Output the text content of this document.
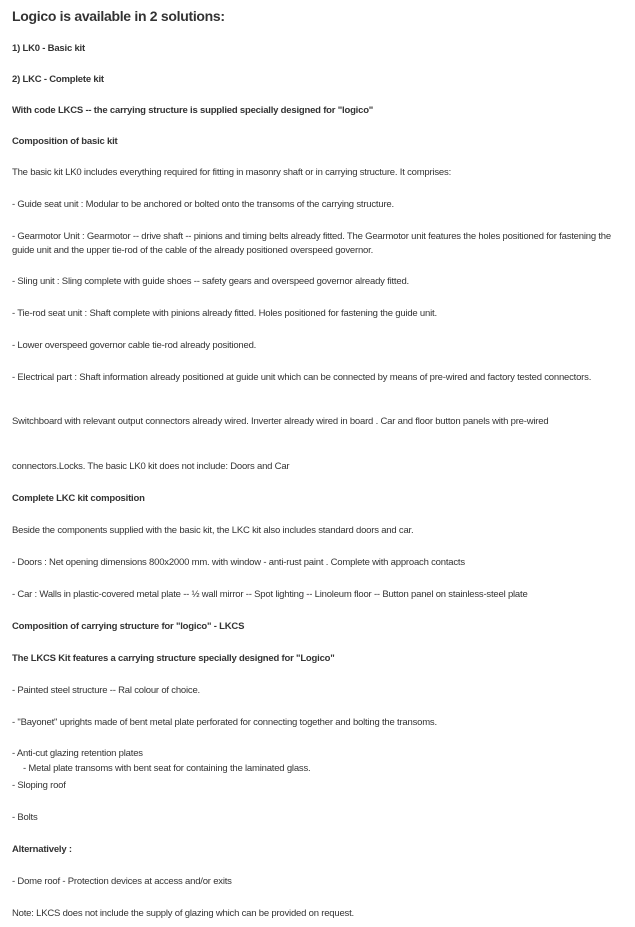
Logico is available in 2 solutions:
1) LK0 - Basic kit
2) LKC - Complete kit
With code LKCS -- the carrying structure is supplied specially designed for "logico"
Composition of basic kit
The basic kit LK0 includes everything required for fitting in masonry shaft or in carrying structure. It comprises:
- Guide seat unit : Modular to be anchored or bolted onto the transoms of the carrying structure.
- Gearmotor Unit : Gearmotor -- drive shaft -- pinions and timing belts already fitted. The Gearmotor unit features the holes positioned for fastening the guide unit and the upper tie-rod of the cable of the already positioned overspeed governor.
- Sling unit : Sling complete with guide shoes -- safety gears and overspeed governor already fitted.
- Tie-rod seat unit : Shaft complete with pinions already fitted. Holes positioned for fastening the guide unit.
- Lower overspeed governor cable tie-rod already positioned.
- Electrical part : Shaft information already positioned at guide unit which can be connected by means of pre-wired and factory tested connectors.
Switchboard with relevant output connectors already wired. Inverter already wired in board . Car and floor button panels with pre-wired
connectors.Locks. The basic LK0 kit does not include: Doors and Car
Complete LKC kit composition
Beside the components supplied with the basic kit, the LKC kit also includes standard doors and car.
- Doors : Net opening dimensions 800x2000 mm. with window - anti-rust paint . Complete with approach contacts
- Car : Walls in plastic-covered metal plate -- ½ wall mirror -- Spot lighting -- Linoleum floor -- Button panel on stainless-steel plate
Composition of carrying structure for "logico" - LKCS
The LKCS Kit features a carrying structure specially designed for "Logico"
- Painted steel structure -- Ral colour of choice.
- "Bayonet" uprights made of bent metal plate perforated for connecting together and bolting the transoms.
- Anti-cut glazing retention plates
- Metal plate transoms with bent seat for containing the laminated glass.
- Sloping roof
- Bolts
Alternatively :
- Dome roof - Protection devices at access and/or exits
Note: LKCS does not include the supply of glazing which can be provided on request.
